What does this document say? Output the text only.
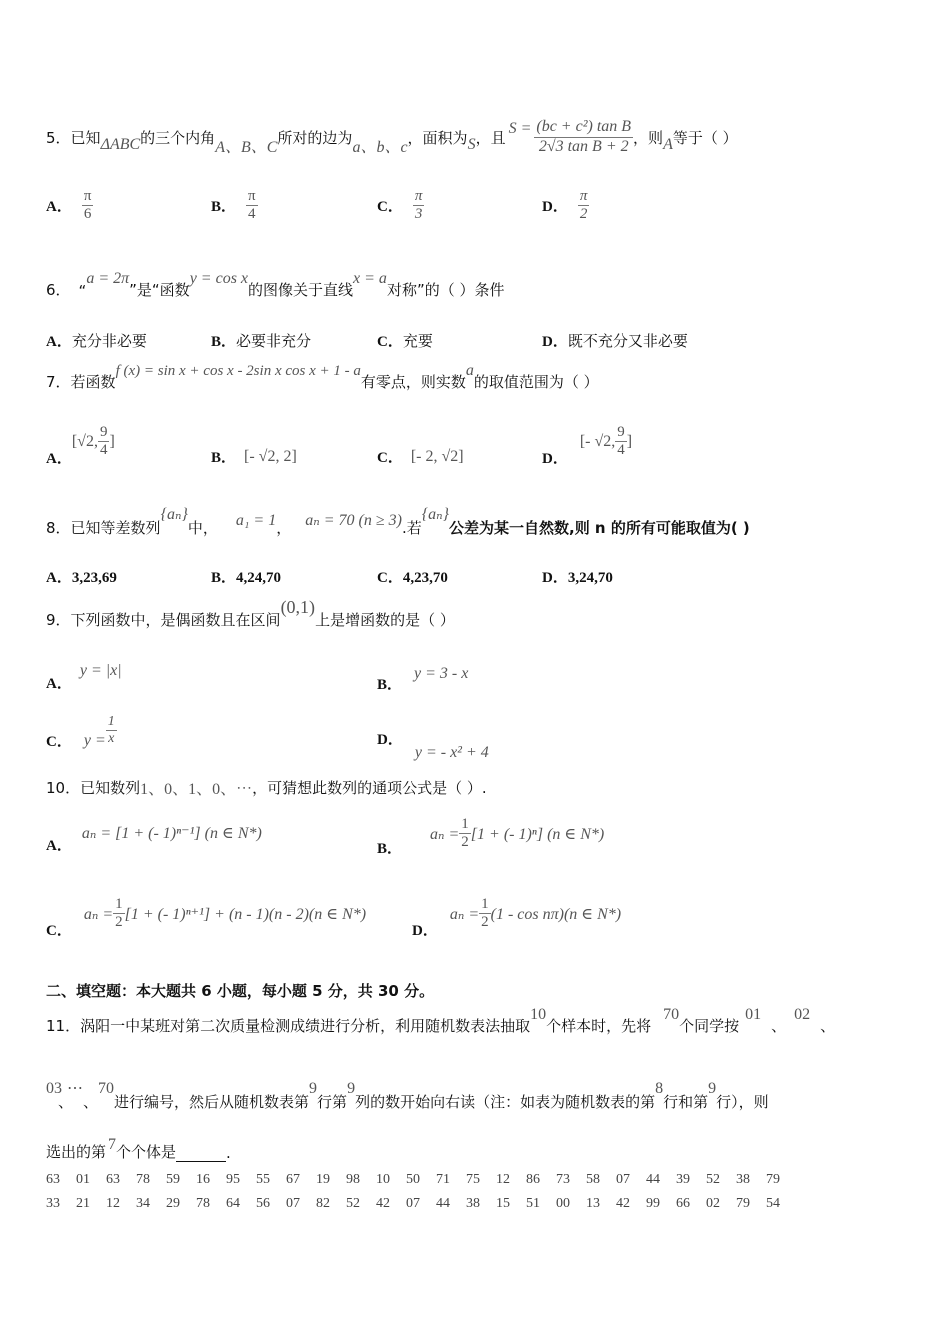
5． 已知 ΔABC 的三个内角
A、B、C
所对的边为
a、b、c
，面积为 S ，且 $S = \frac{\text{(bc + c²) tan B}}{\text{2√3 tan B + 2}}$ ，则 A 等于（ ）
A． $\frac{\pi}{6}$	B． $\frac{\pi}{4}$	C． $\frac{\pi}{3}$	D． $\frac{\pi}{2}$
6． “
a = 2π
”是“函数
y = cos x
的图像关于直线
x = a
对称”的（ ）条件
A．充分非必要	B．必要非充分	C．充要	D．既不充分又非必要
7． 若函数
f (x) = sin x + cos x - 2sin x cos x + 1 - a
有零点，则实数
a
的取值范围为（ ）
A．
[√2, $\frac{9}{4}$ ]
B． [- √2, 2]	C． [- 2, √2]	D．
[- √2, $\frac{9}{4}$ ]
8． 已知等差数列
{aₙ}
中， a₁ = 1 ， aₙ = 70 (n ≥ 3) .若
{aₙ}
公差为某一自然数,则 n 的所有可能取值为( )
A．3,23,69	B．4,24,70	C．4,23,70	D．3,24,70
9． 下列函数中，是偶函数且在区间
(0,1)
上是增函数的是（ ）
A．
y = |x|
B．
y = 3 - x
C． $y = \frac{1}{x}$	D．
y = - x² + 4
10． 已知数列 1、0、1、0、⋯ ，可猜想此数列的通项公式是（ ）.
A．
aₙ = [1 + (- 1)ⁿ⁻¹] (n ∈ N*)
B．
$a_n = \frac{1}{2} [1$ + (- 1)ⁿ] (n ∈ N*)
C．
$a_n = \frac{1}{2} [1$ + (- 1)ⁿ⁺¹] + (n - 1)(n - 2)(n ∈ N*)
D．
$a_n = \frac{1}{2} (1 - \cos n\pi)(n$ ∈ N*)
二、填空题：本大题共 6 小题，每小题 5 分，共 30 分。
11． 涡阳一中某班对第二次质量检测成绩进行分析，利用随机数表法抽取
10
个样本时，先将
70
个同学按
01
、
02
、
03
、
⋯
、
70
进行编号，然后从随机数表第
9
行第
9
列的数开始向右读（注：如表为随机数表的第
8
行和第
9
行），则
选出的第 7 个个体是	.
63 01 63 78 59 16 95 55 67 19 98 10 50 71 75 12 86 73 58 07 44 39 52 38 79
33 21 12 34 29 78 64 56 07 82 52 42 07 44 38 15 51 00 13 42 99 66 02 79 54
